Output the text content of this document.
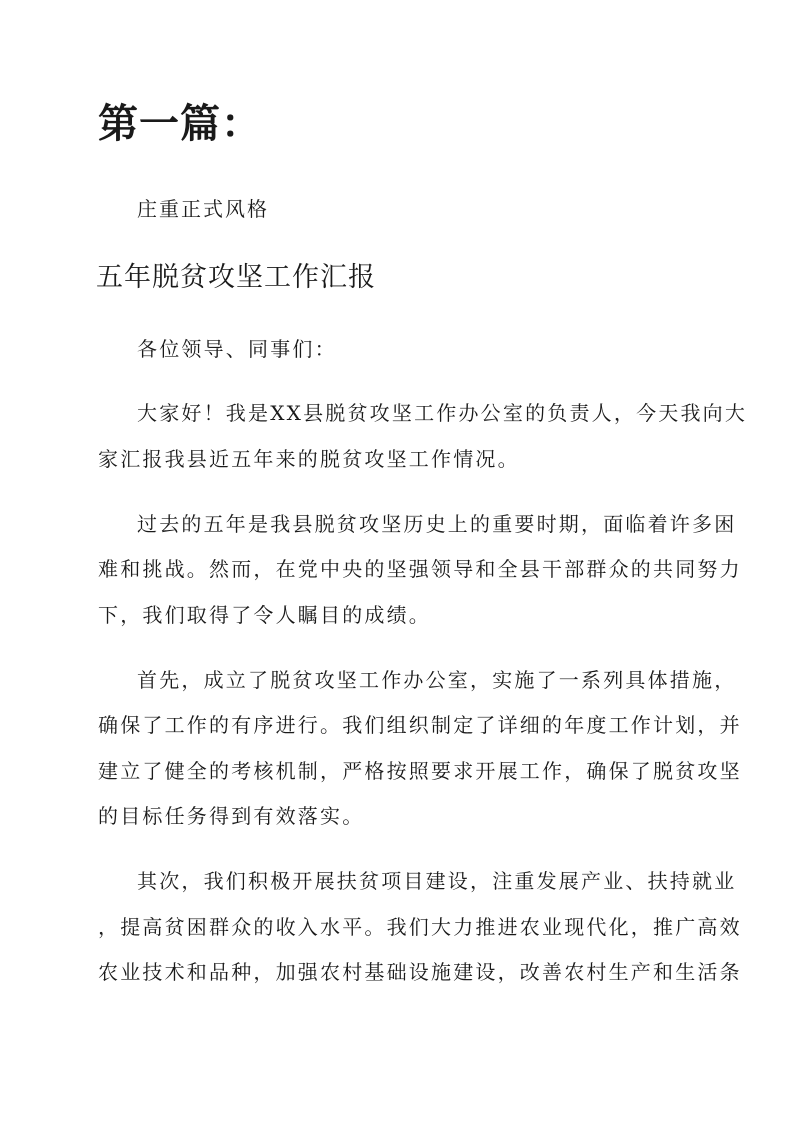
第一篇：
庄重正式风格
五年脱贫攻坚工作汇报
各位领导、同事们：
大家好！我是XX县脱贫攻坚工作办公室的负责人，今天我向大
家汇报我县近五年来的脱贫攻坚工作情况。
过去的五年是我县脱贫攻坚历史上的重要时期，面临着许多困
难和挑战。然而，在党中央的坚强领导和全县干部群众的共同努力
下，我们取得了令人瞩目的成绩。
首先，成立了脱贫攻坚工作办公室，实施了一系列具体措施，
确保了工作的有序进行。我们组织制定了详细的年度工作计划，并
建立了健全的考核机制，严格按照要求开展工作，确保了脱贫攻坚
的目标任务得到有效落实。
其次，我们积极开展扶贫项目建设，注重发展产业、扶持就业
，提高贫困群众的收入水平。我们大力推进农业现代化，推广高效
农业技术和品种，加强农村基础设施建设，改善农村生产和生活条
